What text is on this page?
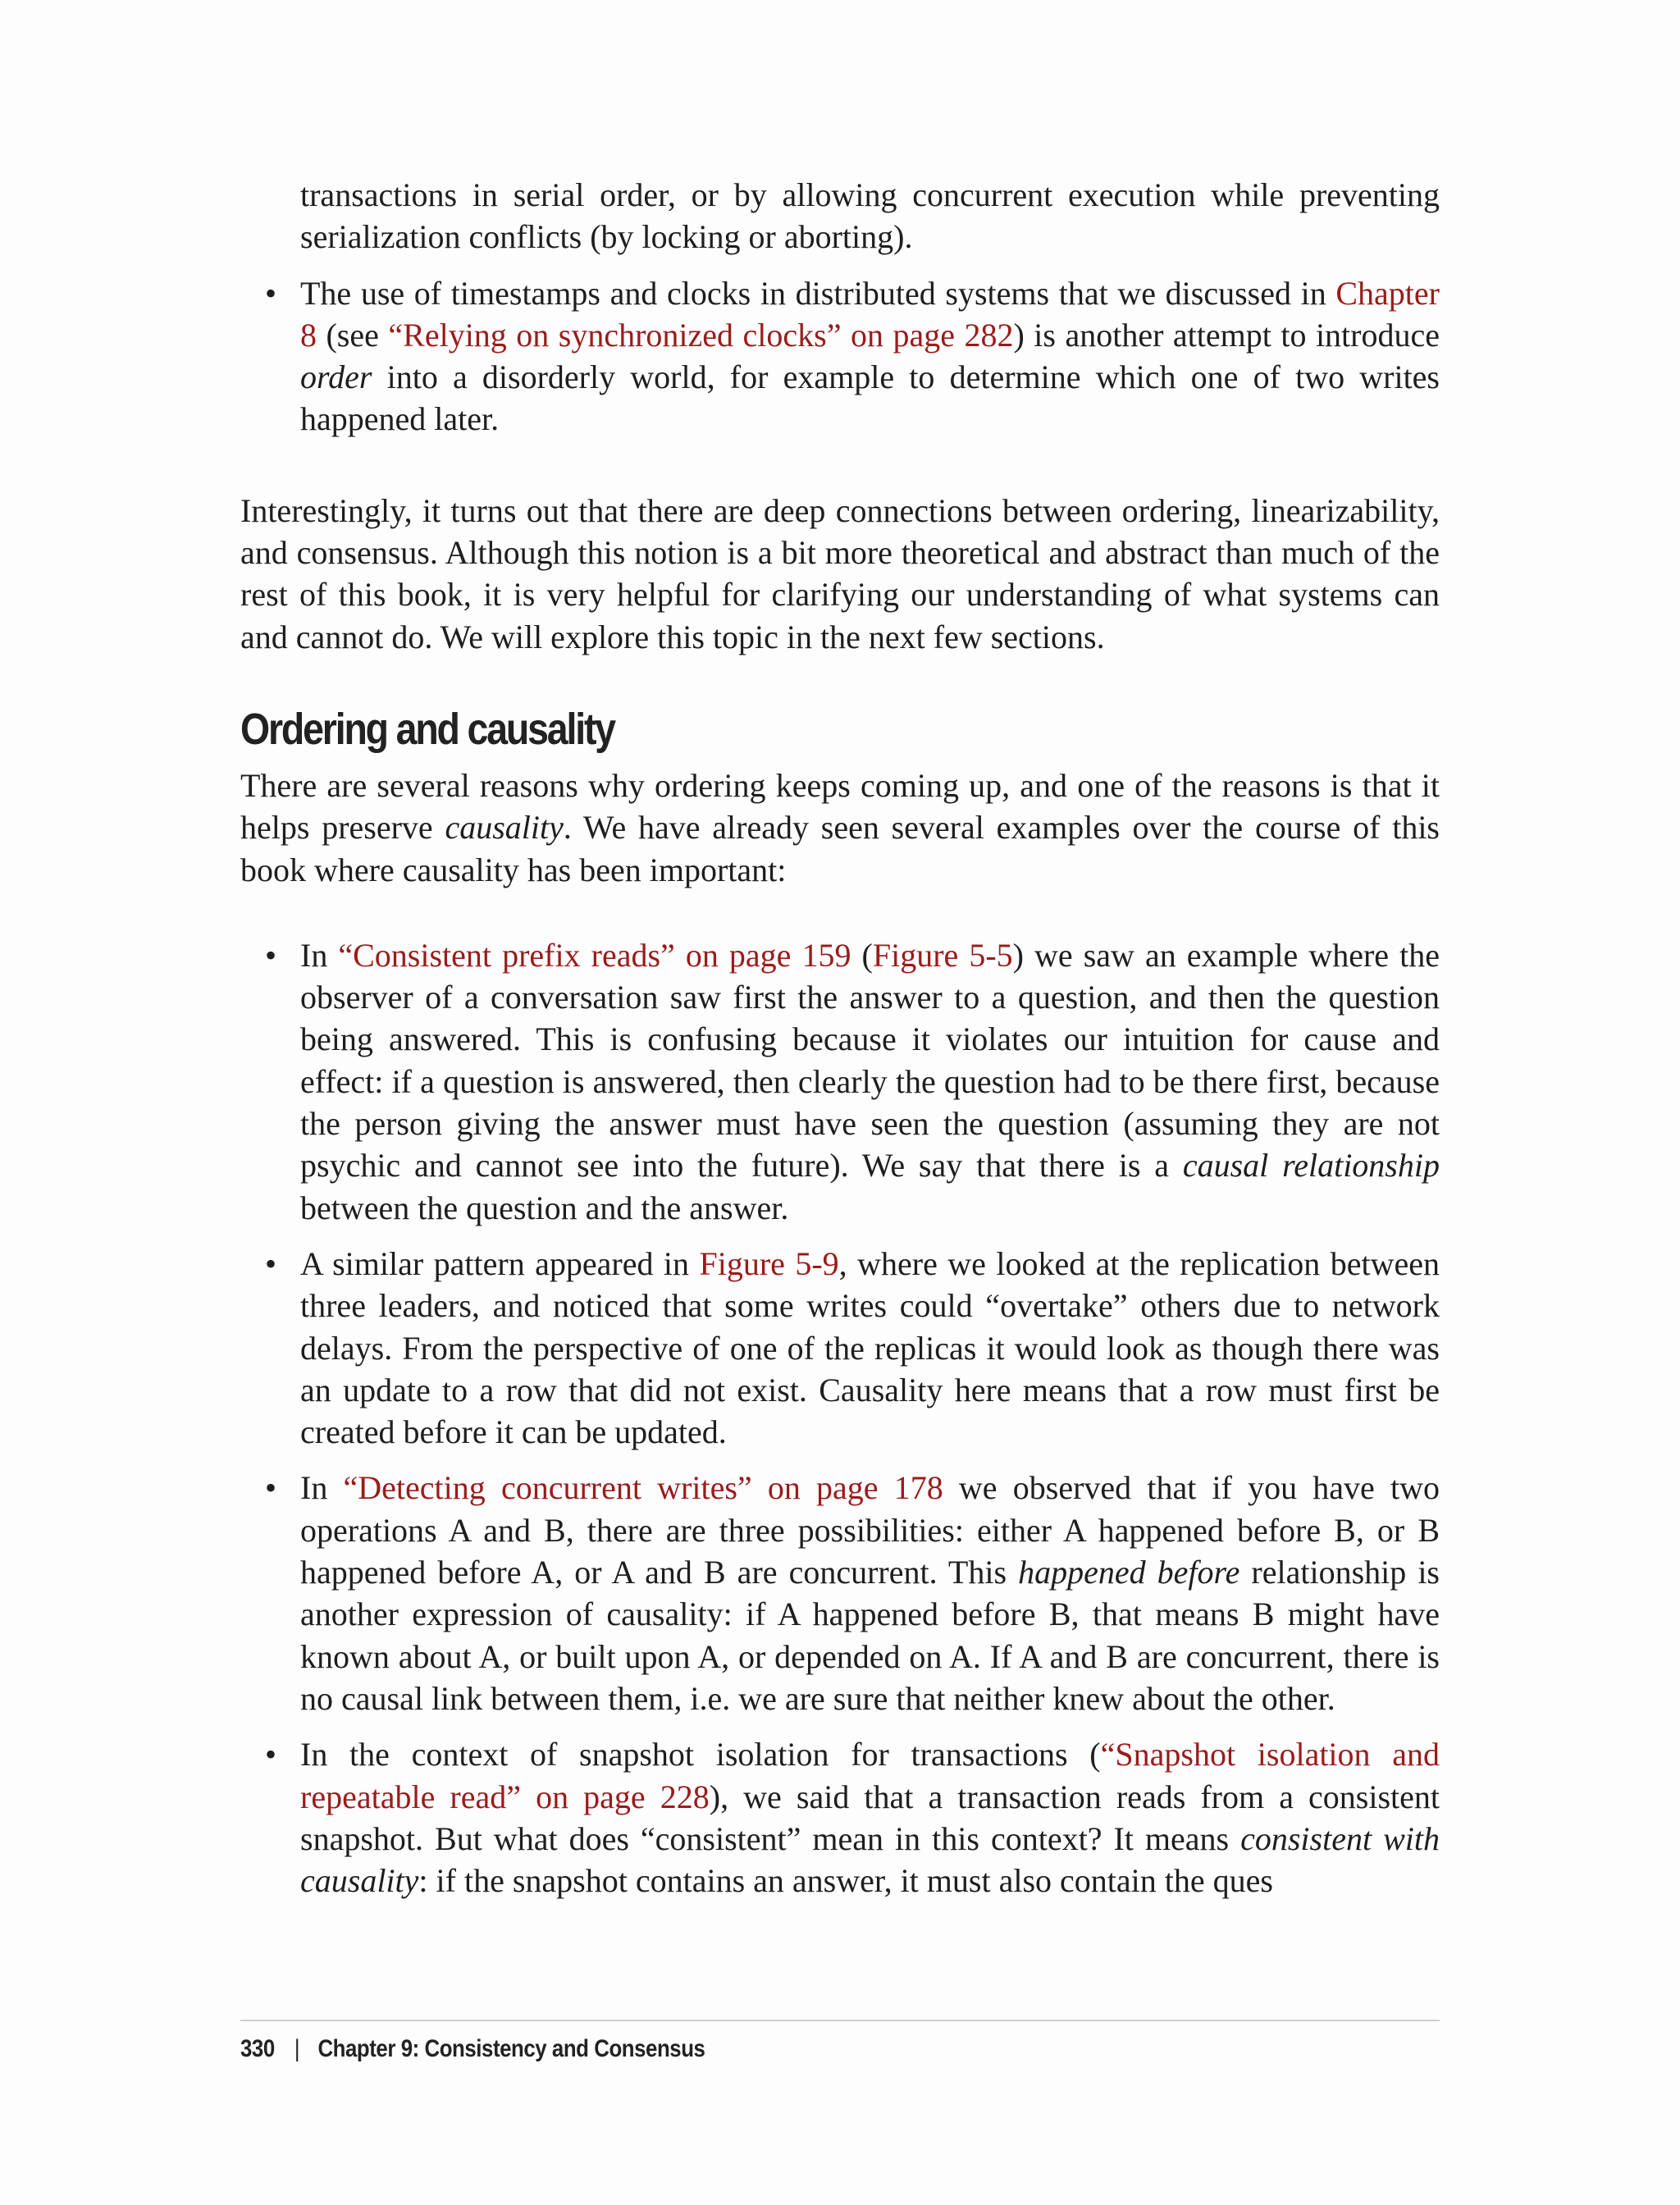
transactions in serial order, or by allowing concurrent execution while preventing serialization conflicts (by locking or aborting).

• The use of timestamps and clocks in distributed systems that we discussed in Chapter 8 (see “Relying on synchronized clocks” on page 282) is another attempt to introduce order into a disorderly world, for example to determine which one of two writes happened later.

Interestingly, it turns out that there are deep connections between ordering, linearizability, and consensus. Although this notion is a bit more theoretical and abstract than much of the rest of this book, it is very helpful for clarifying our understanding of what systems can and cannot do. We will explore this topic in the next few sections.

Ordering and causality

There are several reasons why ordering keeps coming up, and one of the reasons is that it helps preserve causality. We have already seen several examples over the course of this book where causality has been important:

• In “Consistent prefix reads” on page 159 (Figure 5-5) we saw an example where the observer of a conversation saw first the answer to a question, and then the question being answered. This is confusing because it violates our intuition for cause and effect: if a question is answered, then clearly the question had to be there first, because the person giving the answer must have seen the question (assuming they are not psychic and cannot see into the future). We say that there is a causal relationship between the question and the answer.

• A similar pattern appeared in Figure 5-9, where we looked at the replication between three leaders, and noticed that some writes could “overtake” others due to network delays. From the perspective of one of the replicas it would look as though there was an update to a row that did not exist. Causality here means that a row must first be created before it can be updated.

• In “Detecting concurrent writes” on page 178 we observed that if you have two operations A and B, there are three possibilities: either A happened before B, or B happened before A, or A and B are concurrent. This happened before relationship is another expression of causality: if A happened before B, that means B might have known about A, or built upon A, or depended on A. If A and B are concurrent, there is no causal link between them, i.e. we are sure that neither knew about the other.

• In the context of snapshot isolation for transactions (“Snapshot isolation and repeatable read” on page 228), we said that a transaction reads from a consistent snapshot. But what does “consistent” mean in this context? It means consistent with causality: if the snapshot contains an answer, it must also contain the ques

330 | Chapter 9: Consistency and Consensus
